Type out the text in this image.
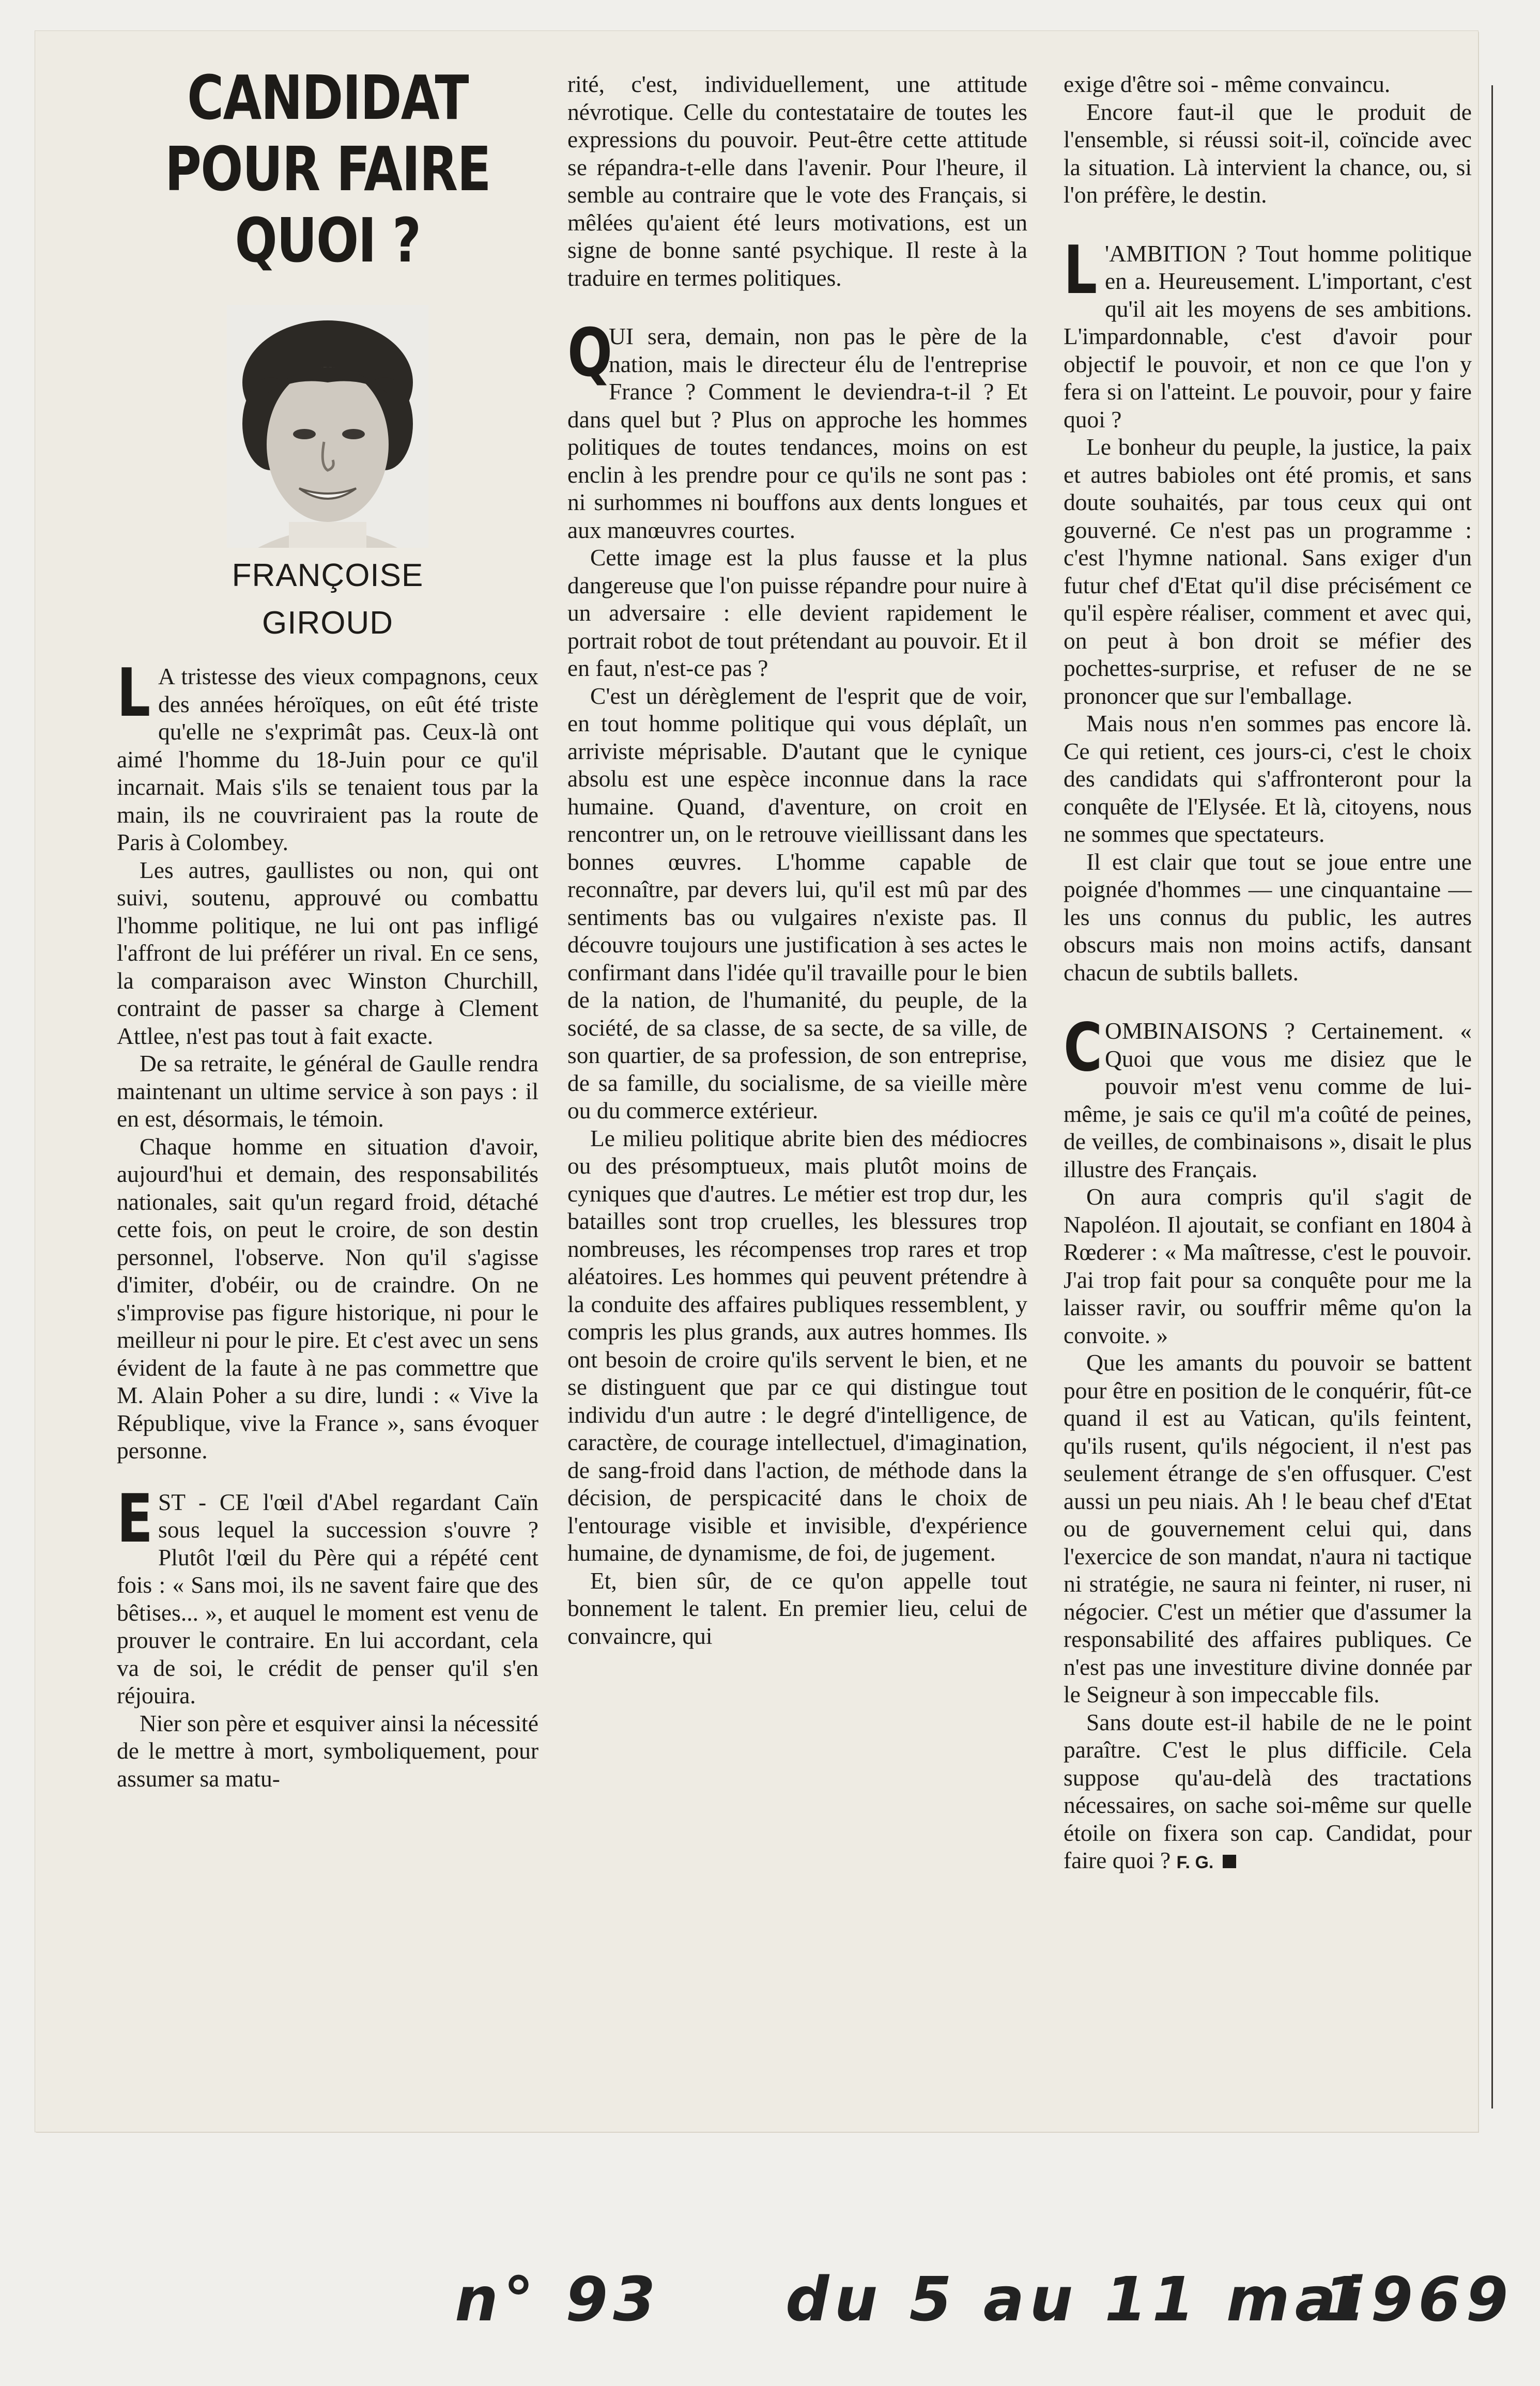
CANDIDAT
POUR FAIRE
QUOI ?
FRANÇOISE
GIROUD
L A tristesse des vieux compagnons, ceux des années héroïques, on eût été triste qu'elle ne s'exprimât pas. Ceux-là ont aimé l'homme du 18-Juin pour ce qu'il incarnait. Mais s'ils se tenaient tous par la main, ils ne couvriraient pas la route de Paris à Colombey.

Les autres, gaullistes ou non, qui ont suivi, soutenu, approuvé ou combattu l'homme politique, ne lui ont pas infligé l'affront de lui préférer un rival. En ce sens, la comparaison avec Winston Churchill, contraint de passer sa charge à Clement Attlee, n'est pas tout à fait exacte.

De sa retraite, le général de Gaulle rendra maintenant un ultime service à son pays : il en est, désormais, le témoin.

Chaque homme en situation d'avoir, aujourd'hui et demain, des responsabilités nationales, sait qu'un regard froid, détaché cette fois, on peut le croire, de son destin personnel, l'observe. Non qu'il s'agisse d'imiter, d'obéir, ou de craindre. On ne s'improvise pas figure historique, ni pour le meilleur ni pour le pire. Et c'est avec un sens évident de la faute à ne pas commettre que M. Alain Poher a su dire, lundi : « Vive la République, vive la France », sans évoquer personne.

E ST - CE l'œil d'Abel regardant Caïn sous lequel la succession s'ouvre ? Plutôt l'œil du Père qui a répété cent fois : « Sans moi, ils ne savent faire que des bêtises... », et auquel le moment est venu de prouver le contraire. En lui accordant, cela va de soi, le crédit de penser qu'il s'en réjouira.

Nier son père et esquiver ainsi la nécessité de le mettre à mort, symboliquement, pour assumer sa matu-

rité, c'est, individuellement, une attitude névrotique. Celle du contestataire de toutes les expressions du pouvoir. Peut-être cette attitude se répandra-t-elle dans l'avenir. Pour l'heure, il semble au contraire que le vote des Français, si mêlées qu'aient été leurs motivations, est un signe de bonne santé psychique. Il reste à la traduire en termes politiques.

Q

UI sera, demain, non pas le père de la nation, mais le directeur élu de l'entreprise France ? Comment le deviendra-t-il ? Et dans quel but ? Plus on approche les hommes politiques de toutes tendances, moins on est enclin à les prendre pour ce qu'ils ne sont pas : ni surhommes ni bouffons aux dents longues et aux manœuvres courtes.

Cette image est la plus fausse et la plus dangereuse que l'on puisse répandre pour nuire à un adversaire : elle devient rapidement le portrait robot de tout prétendant au pouvoir. Et il en faut, n'est-ce pas ?

C'est un dérèglement de l'esprit que de voir, en tout homme politique qui vous déplaît, un arriviste méprisable. D'autant que le cynique absolu est une espèce inconnue dans la race humaine. Quand, d'aventure, on croit en rencontrer un, on le retrouve vieillissant dans les bonnes œuvres. L'homme capable de reconnaître, par devers lui, qu'il est mû par des sentiments bas ou vulgaires n'existe pas. Il découvre toujours une justification à ses actes le confirmant dans l'idée qu'il travaille pour le bien de la nation, de l'humanité, du peuple, de la société, de sa classe, de sa secte, de sa ville, de son quartier, de sa profession, de son entreprise, de sa famille, du socialisme, de sa vieille mère ou du commerce extérieur.

Le milieu politique abrite bien des médiocres ou des présomptueux, mais plutôt moins de cyniques que d'autres. Le métier est trop dur, les batailles sont trop cruelles, les blessures trop nombreuses, les récompenses trop rares et trop aléatoires. Les hommes qui peuvent prétendre à la conduite des affaires publiques ressemblent, y compris les plus grands, aux autres hommes. Ils ont besoin de croire qu'ils servent le bien, et ne se distinguent que par ce qui distingue tout individu d'un autre : le degré d'intelligence, de caractère, de courage intellectuel, d'imagination, de sang-froid dans l'action, de méthode dans la décision, de perspicacité dans le choix de l'entourage visible et invisible, d'expérience humaine, de dynamisme, de foi, de jugement.

Et, bien sûr, de ce qu'on appelle tout bonnement le talent. En premier lieu, celui de convaincre, qui

exige d'être soi - même convaincu.

Encore faut-il que le produit de l'ensemble, si réussi soit-il, coïncide avec la situation. Là intervient la chance, ou, si l'on préfère, le destin.

L 'AMBITION ? Tout homme politique en a. Heureusement. L'important, c'est qu'il ait les moyens de ses ambitions. L'impardonnable, c'est d'avoir pour objectif le pouvoir, et non ce que l'on y fera si on l'atteint. Le pouvoir, pour y faire quoi ?

Le bonheur du peuple, la justice, la paix et autres babioles ont été promis, et sans doute souhaités, par tous ceux qui ont gouverné. Ce n'est pas un programme : c'est l'hymne national. Sans exiger d'un futur chef d'Etat qu'il dise précisément ce qu'il espère réaliser, comment et avec qui, on peut à bon droit se méfier des pochettes-surprise, et refuser de ne se prononcer que sur l'emballage.

Mais nous n'en sommes pas encore là. Ce qui retient, ces jours-ci, c'est le choix des candidats qui s'affronteront pour la conquête de l'Elysée. Et là, citoyens, nous ne sommes que spectateurs.

Il est clair que tout se joue entre une poignée d'hommes — une cinquantaine — les uns connus du public, les autres obscurs mais non moins actifs, dansant chacun de subtils ballets.

C OMBINAISONS ? Certainement. « Quoi que vous me disiez que le pouvoir m'est venu comme de lui-même, je sais ce qu'il m'a coûté de peines, de veilles, de combinaisons », disait le plus illustre des Français.

On aura compris qu'il s'agit de Napoléon. Il ajoutait, se confiant en 1804 à Rœderer : « Ma maîtresse, c'est le pouvoir. J'ai trop fait pour sa conquête pour me la laisser ravir, ou souffrir même qu'on la convoite. »

Que les amants du pouvoir se battent pour être en position de le conquérir, fût-ce quand il est au Vatican, qu'ils feintent, qu'ils rusent, qu'ils négocient, il n'est pas seulement étrange de s'en offusquer. C'est aussi un peu niais. Ah ! le beau chef d'Etat ou de gouvernement celui qui, dans l'exercice de son mandat, n'aura ni tactique ni stratégie, ne saura ni feinter, ni ruser, ni négocier. C'est un métier que d'assumer la responsabilité des affaires publiques. Ce n'est pas une investiture divine donnée par le Seigneur à son impeccable fils.

Sans doute est-il habile de ne le point paraître. C'est le plus difficile. Cela suppose qu'au-delà des tractations nécessaires, on sache soi-même sur quelle étoile on fixera son cap. Candidat, pour faire quoi ? F. G.

n° 93 du 5 au 11 mai
1969
